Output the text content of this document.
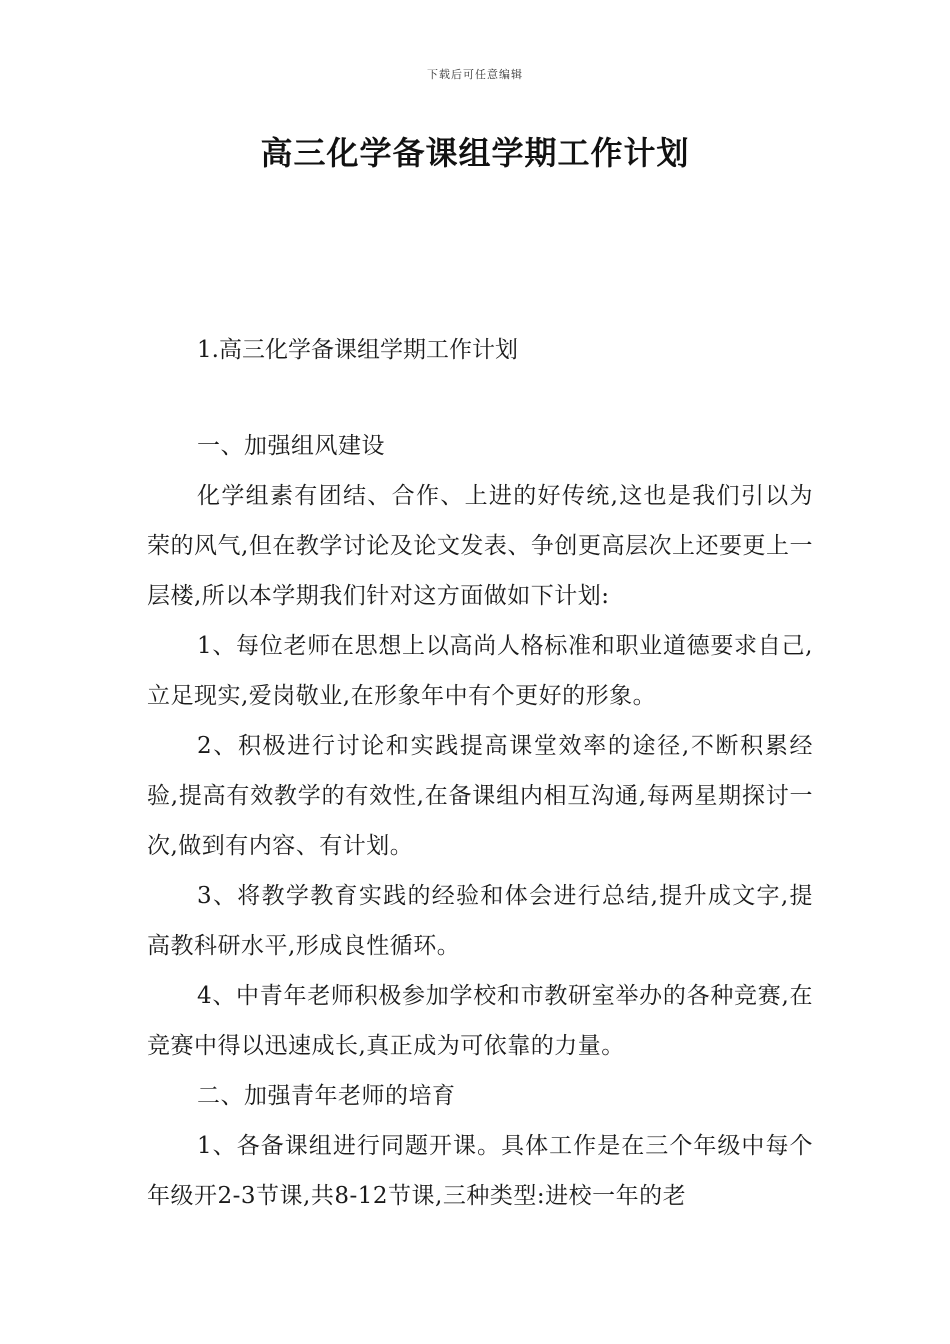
下载后可任意编辑
高三化学备课组学期工作计划

1.高三化学备课组学期工作计划

一、加强组风建设

化学组素有团结、合作、上进的好传统,这也是我们引以为荣的风气,但在教学讨论及论文发表、争创更高层次上还要更上一层楼,所以本学期我们针对这方面做如下计划:

1、每位老师在思想上以高尚人格标准和职业道德要求自己,立足现实,爱岗敬业,在形象年中有个更好的形象。

2、积极进行讨论和实践提高课堂效率的途径,不断积累经验,提高有效教学的有效性,在备课组内相互沟通,每两星期探讨一次,做到有内容、有计划。

3、将教学教育实践的经验和体会进行总结,提升成文字,提高教科研水平,形成良性循环。

4、中青年老师积极参加学校和市教研室举办的各种竞赛,在竞赛中得以迅速成长,真正成为可依靠的力量。

二、加强青年老师的培育

1、各备课组进行同题开课。具体工作是在三个年级中每个年级开2-3节课,共8-12节课,三种类型:进校一年的老
